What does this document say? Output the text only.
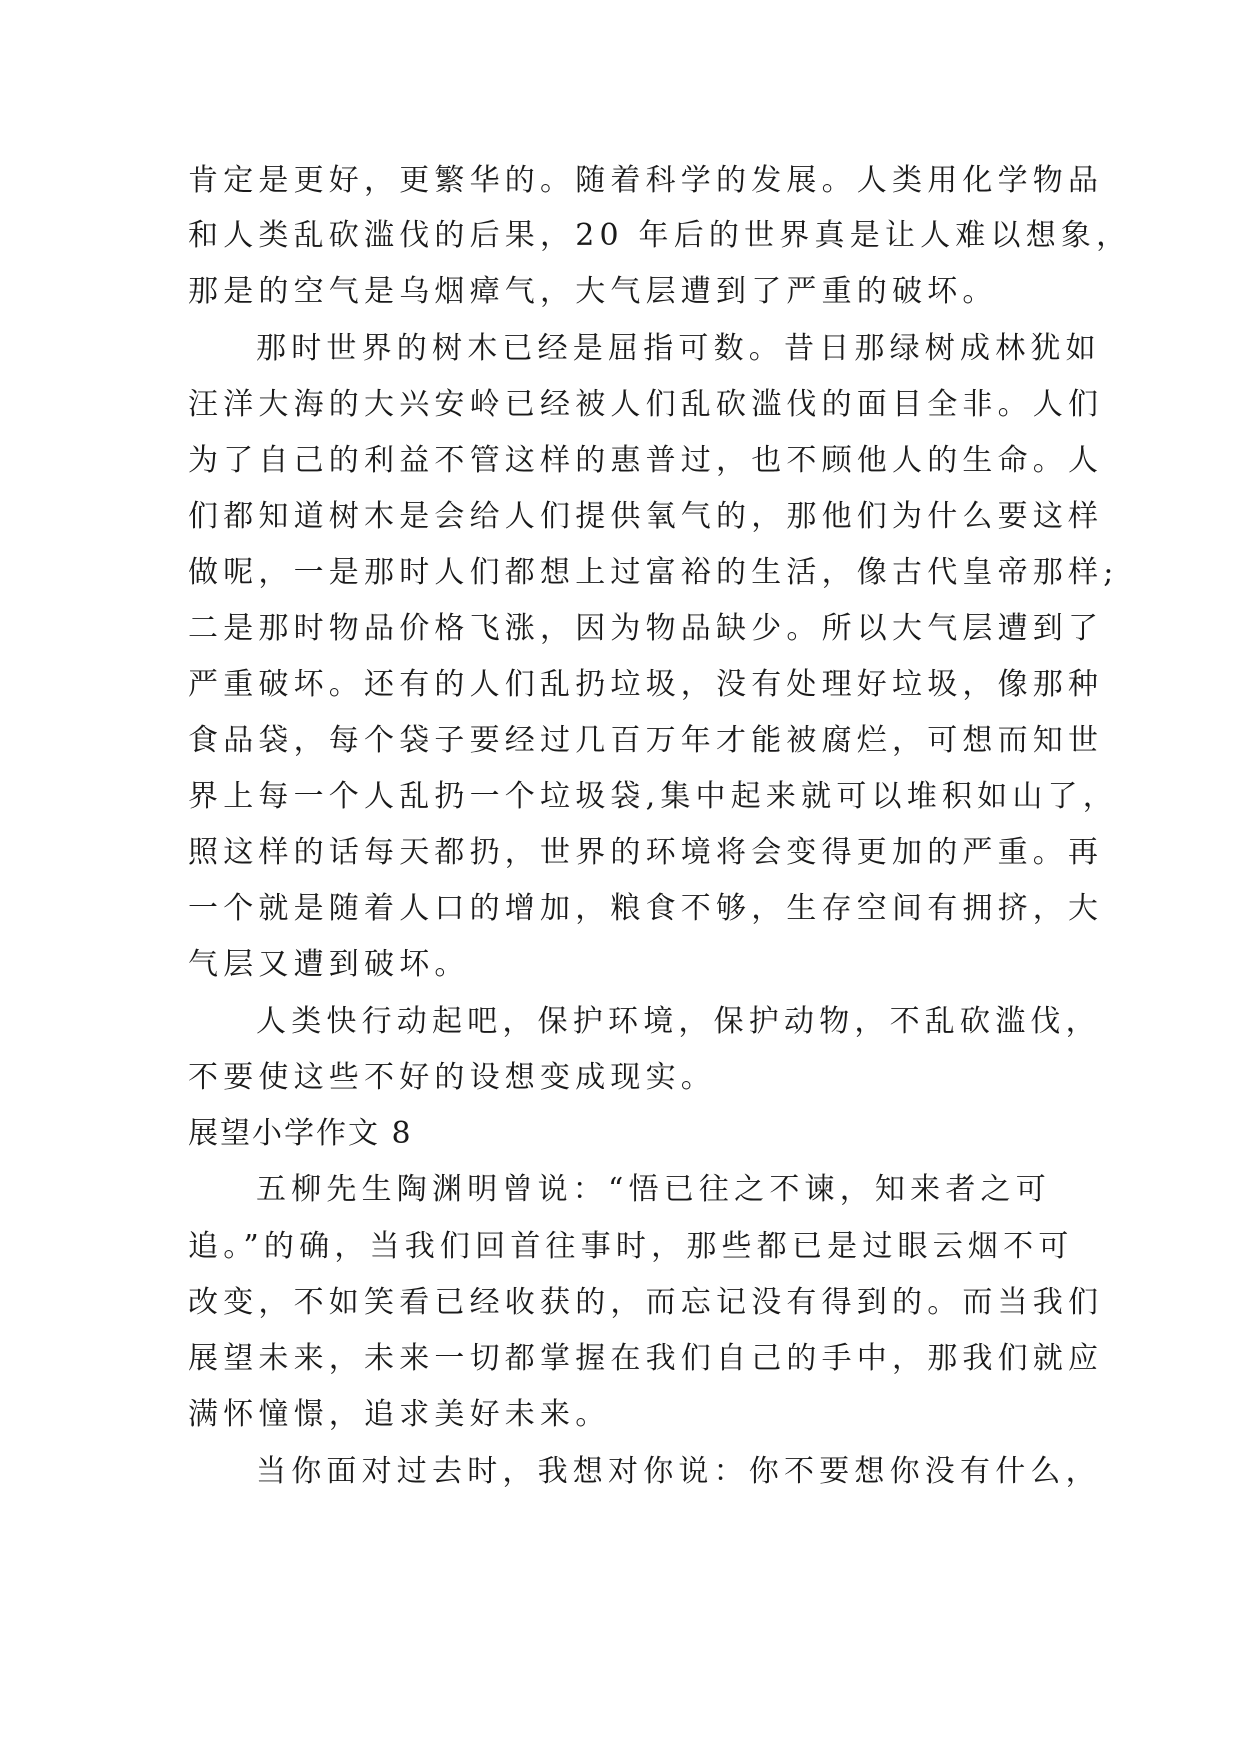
肯定是更好，更繁华的。随着科学的发展。人类用化学物品
和人类乱砍滥伐的后果，20 年后的世界真是让人难以想象，
那是的空气是乌烟瘴气，大气层遭到了严重的破坏。
那时世界的树木已经是屈指可数。昔日那绿树成林犹如
汪洋大海的大兴安岭已经被人们乱砍滥伐的面目全非。人们
为了自己的利益不管这样的惠普过，也不顾他人的生命。人
们都知道树木是会给人们提供氧气的，那他们为什么要这样
做呢，一是那时人们都想上过富裕的生活，像古代皇帝那样;
二是那时物品价格飞涨，因为物品缺少。所以大气层遭到了
严重破坏。还有的人们乱扔垃圾，没有处理好垃圾，像那种
食品袋，每个袋子要经过几百万年才能被腐烂，可想而知世
界上每一个人乱扔一个垃圾袋,集中起来就可以堆积如山了，
照这样的话每天都扔，世界的环境将会变得更加的严重。再
一个就是随着人口的增加，粮食不够，生存空间有拥挤，大
气层又遭到破坏。
人类快行动起吧，保护环境，保护动物，不乱砍滥伐，
不要使这些不好的设想变成现实。
展望小学作文 8
五柳先生陶渊明曾说：“悟已往之不谏，知来者之可
追。”的确，当我们回首往事时，那些都已是过眼云烟不可
改变，不如笑看已经收获的，而忘记没有得到的。而当我们
展望未来，未来一切都掌握在我们自己的手中，那我们就应
满怀憧憬，追求美好未来。
当你面对过去时，我想对你说：你不要想你没有什么，
